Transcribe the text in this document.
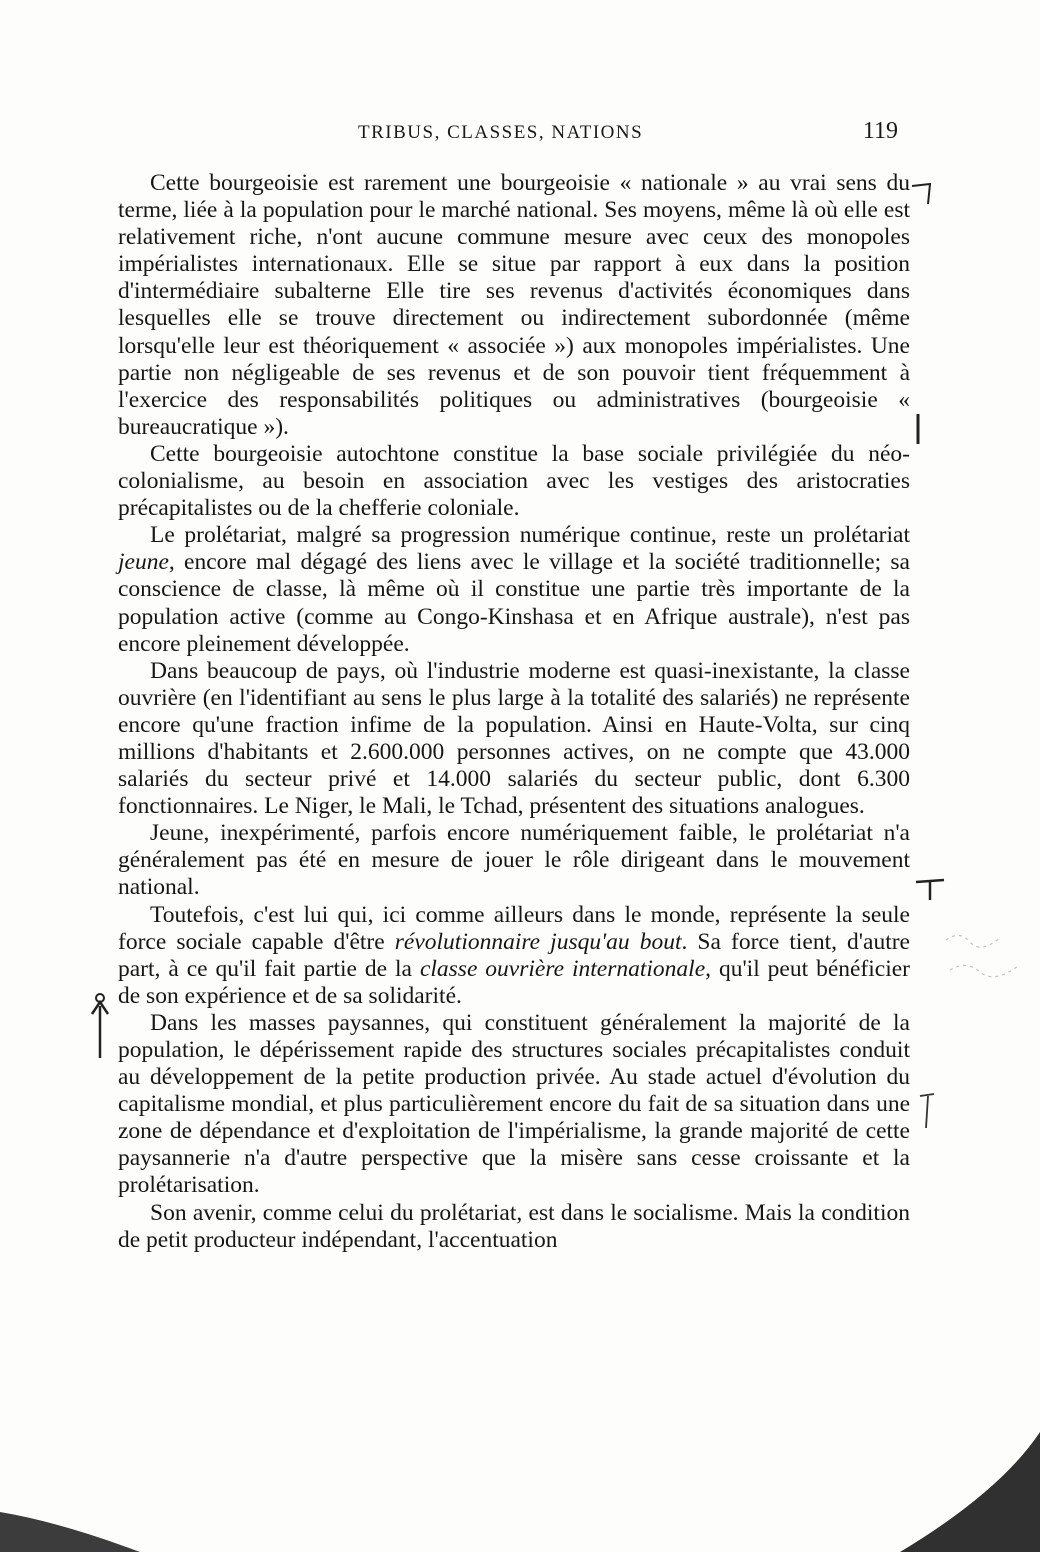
TRIBUS, CLASSES, NATIONS	119

Cette bourgeoisie est rarement une bourgeoisie « nationale » au vrai sens du terme, liée à la population pour le marché national. Ses moyens, même là où elle est relativement riche, n'ont aucune commune mesure avec ceux des monopoles impérialistes internationaux. Elle se situe par rapport à eux dans la position d'intermédiaire subalterne Elle tire ses revenus d'activités économiques dans lesquelles elle se trouve directement ou indirectement subordonnée (même lorsqu'elle leur est théoriquement « associée ») aux monopoles impérialistes. Une partie non négligeable de ses revenus et de son pouvoir tient fréquemment à l'exercice des responsabilités politiques ou administratives (bourgeoisie « bureaucratique »).

Cette bourgeoisie autochtone constitue la base sociale privilégiée du néo-colonialisme, au besoin en association avec les vestiges des aristocraties précapitalistes ou de la chefferie coloniale.

Le prolétariat, malgré sa progression numérique continue, reste un prolétariat jeune, encore mal dégagé des liens avec le village et la société traditionnelle; sa conscience de classe, là même où il constitue une partie très importante de la population active (comme au Congo-Kinshasa et en Afrique australe), n'est pas encore pleinement développée.

Dans beaucoup de pays, où l'industrie moderne est quasi-inexistante, la classe ouvrière (en l'identifiant au sens le plus large à la totalité des salariés) ne représente encore qu'une fraction infime de la population. Ainsi en Haute-Volta, sur cinq millions d'habitants et 2.600.000 personnes actives, on ne compte que 43.000 salariés du secteur privé et 14.000 salariés du secteur public, dont 6.300 fonctionnaires. Le Niger, le Mali, le Tchad, présentent des situations analogues.

Jeune, inexpérimenté, parfois encore numériquement faible, le prolétariat n'a généralement pas été en mesure de jouer le rôle dirigeant dans le mouvement national.

Toutefois, c'est lui qui, ici comme ailleurs dans le monde, représente la seule force sociale capable d'être révolutionnaire jusqu'au bout. Sa force tient, d'autre part, à ce qu'il fait partie de la classe ouvrière internationale, qu'il peut bénéficier de son expérience et de sa solidarité.

Dans les masses paysannes, qui constituent généralement la majorité de la population, le dépérissement rapide des structures sociales précapitalistes conduit au développement de la petite production privée. Au stade actuel d'évolution du capitalisme mondial, et plus particulièrement encore du fait de sa situation dans une zone de dépendance et d'exploitation de l'impérialisme, la grande majorité de cette paysannerie n'a d'autre perspective que la misère sans cesse croissante et la prolétarisation.

Son avenir, comme celui du prolétariat, est dans le socialisme. Mais la condition de petit producteur indépendant, l'accentuation
